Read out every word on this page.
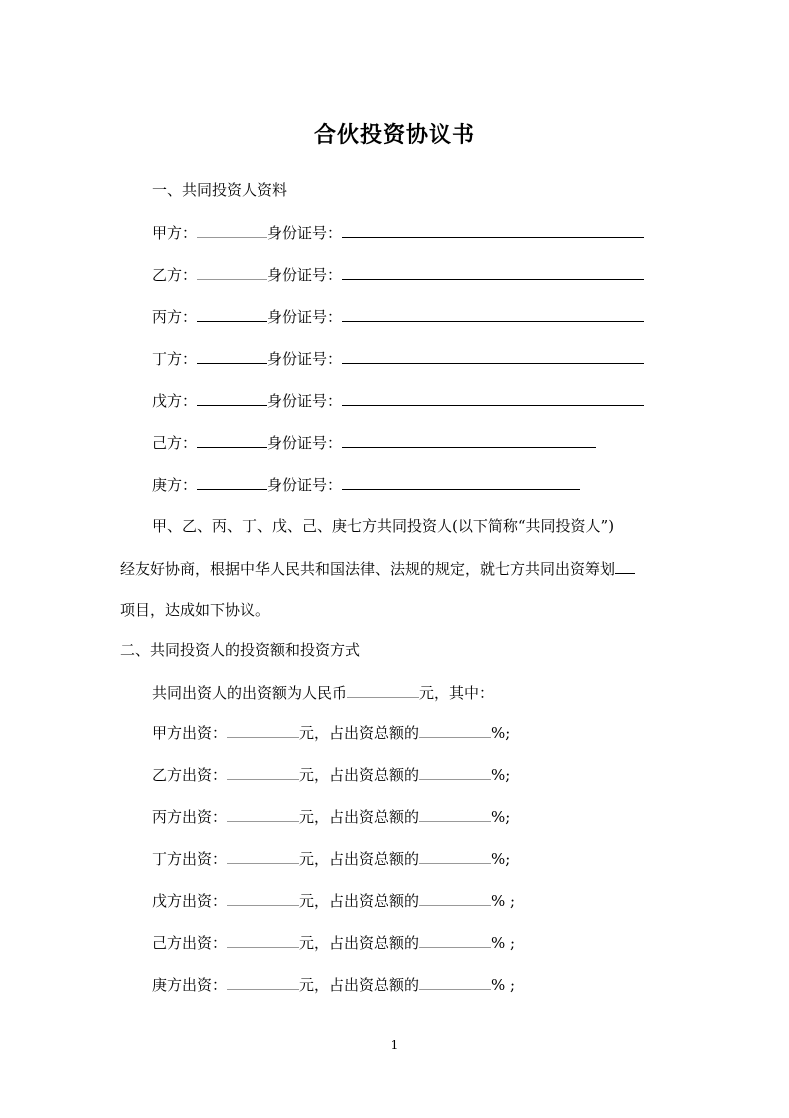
合伙投资协议书
一、共同投资人资料
甲方：	身份证号：
乙方：	身份证号：
丙方：	身份证号：
丁方：	身份证号：
戊方：	身份证号：
己方：	身份证号：
庚方：	身份证号：
甲、乙、丙、丁、戊、己、庚七方共同投资人(以下简称“共同投资人”)
经友好协商，根据中华人民共和国法律、法规的规定，就七方共同出资筹划
项目，达成如下协议。
二、共同投资人的投资额和投资方式
共同出资人的出资额为人民币	元，其中：
甲方出资：	元，占出资总额的	%;
乙方出资：	元，占出资总额的	%;
丙方出资：	元，占出资总额的	%;
丁方出资：	元，占出资总额的	%;
戊方出资：	元，占出资总额的	% ;
己方出资：	元，占出资总额的	% ;
庚方出资：	元，占出资总额的	% ;
1
